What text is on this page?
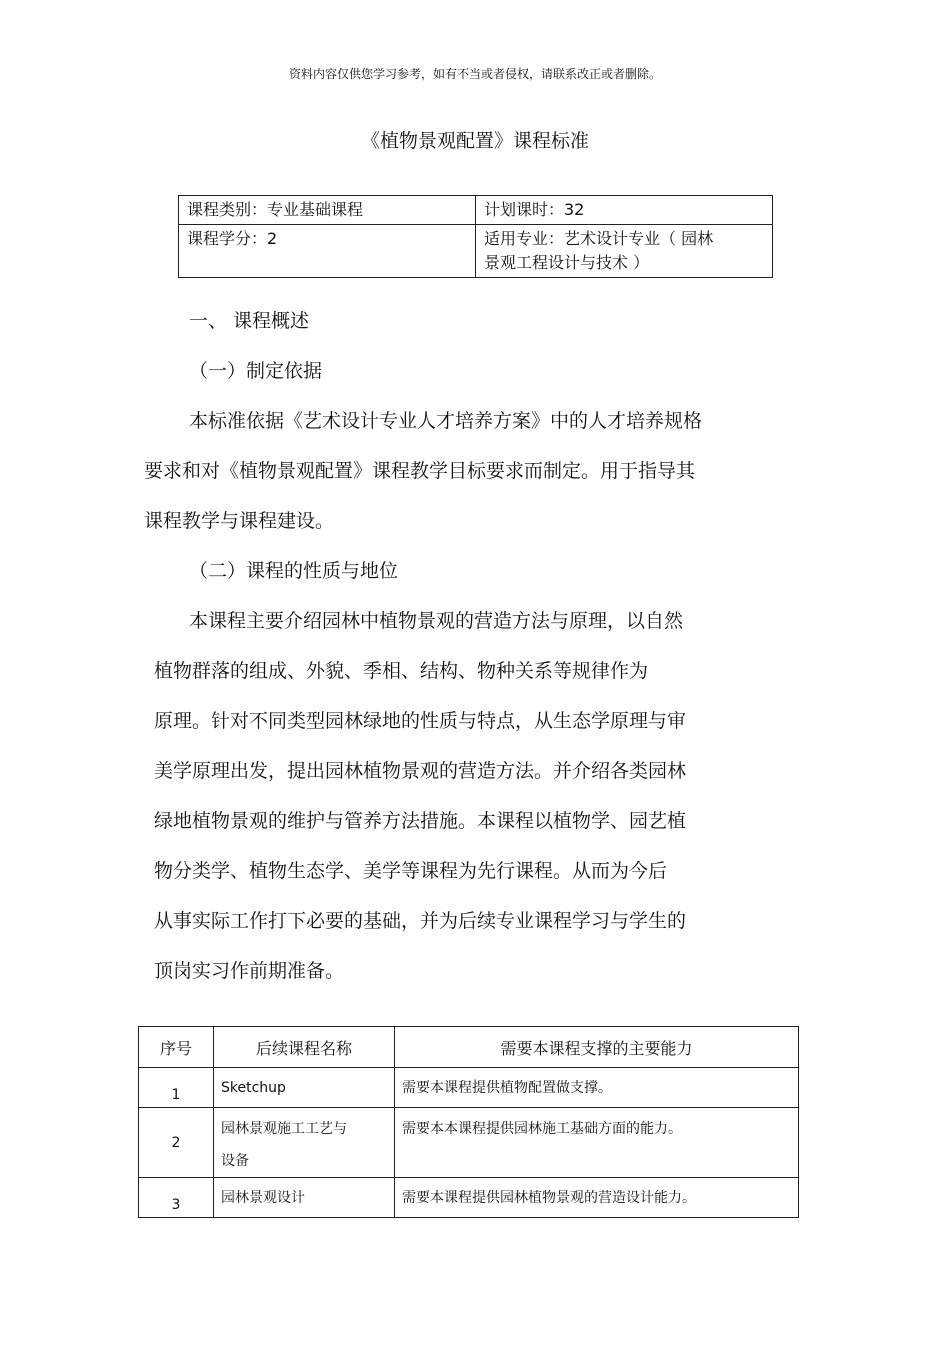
资料内容仅供您学习参考，如有不当或者侵权，请联系改正或者删除。
《植物景观配置》课程标准
课程类别：专业基础课程	计划课时：32
课程学分：2	适用专业：艺术设计专业（ 园林
景观工程设计与技术 ）
一、 课程概述
（一）制定依据
本标准依据《艺术设计专业人才培养方案》中的人才培养规格
要求和对《植物景观配置》课程教学目标要求而制定。用于指导其
课程教学与课程建设。
（二）课程的性质与地位
本课程主要介绍园林中植物景观的营造方法与原理，以自然
植物群落的组成、外貌、季相、结构、物种关系等规律作为
原理。针对不同类型园林绿地的性质与特点，从生态学原理与审
美学原理出发，提出园林植物景观的营造方法。并介绍各类园林
绿地植物景观的维护与管养方法措施。本课程以植物学、园艺植
物分类学、植物生态学、美学等课程为先行课程。从而为今后
从事实际工作打下必要的基础，并为后续专业课程学习与学生的
顶岗实习作前期准备。
序号	后续课程名称	需要本课程支撑的主要能力
1	Sketchup	需要本课程提供植物配置做支撑。
2	园林景观施工工艺与
设备	需要本本课程提供园林施工基础方面的能力。
3	园林景观设计	需要本课程提供园林植物景观的营造设计能力。
